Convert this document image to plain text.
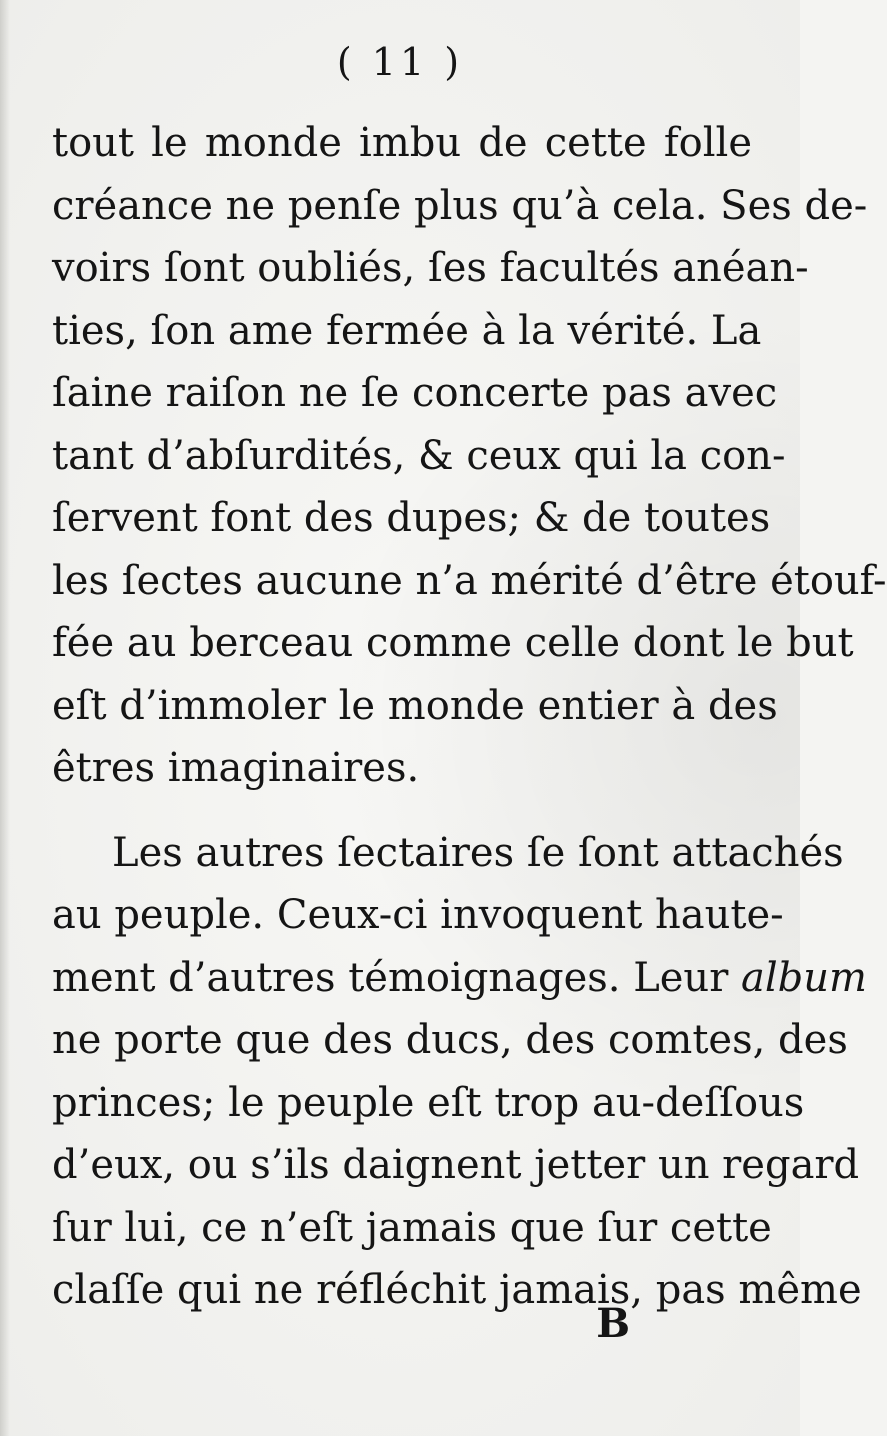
( 11 )
tout le monde imbu de cette folle
créance ne penſe plus qu’à cela. Ses de-
voirs ſont oubliés, ſes facultés anéan-
ties, ſon ame fermée à la vérité. La
ſaine raiſon ne ſe concerte pas avec
tant d’abſurdités, & ceux qui la con-
ſervent font des dupes; & de toutes
les ſectes aucune n’a mérité d’être étouf-
fée au berceau comme celle dont le but
eſt d’immoler le monde entier à des
êtres imaginaires.
Les autres ſectaires ſe ſont attachés
au peuple. Ceux-ci invoquent haute-
ment d’autres témoignages. Leur album
ne porte que des ducs, des comtes, des
princes; le peuple eſt trop au-deſſous
d’eux, ou s’ils daignent jetter un regard
ſur lui, ce n’eſt jamais que ſur cette
claſſe qui ne réfléchit jamais, pas même
B
